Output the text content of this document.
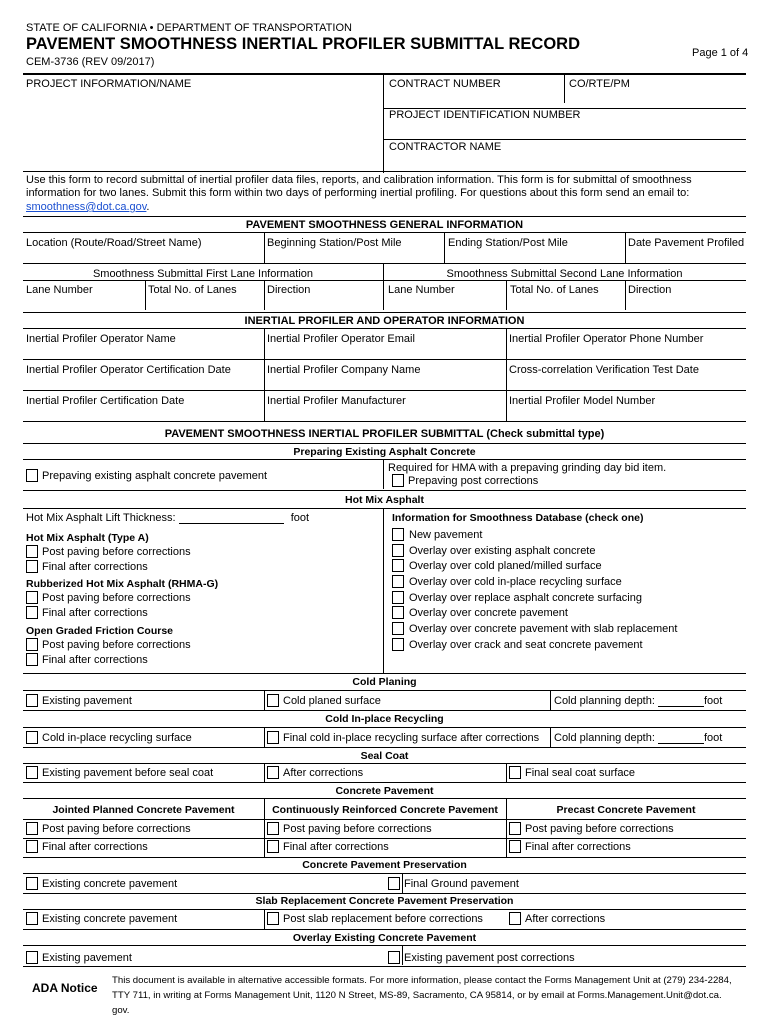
STATE OF CALIFORNIA • DEPARTMENT OF TRANSPORTATION
PAVEMENT SMOOTHNESS INERTIAL PROFILER SUBMITTAL RECORD	Page 1 of 4
CEM-3736 (REV 09/2017)
PROJECT INFORMATION/NAME	CONTRACT NUMBER	CO/RTE/PM
PROJECT IDENTIFICATION NUMBER
CONTRACTOR NAME
Use this form to record submittal of inertial profiler data files, reports, and calibration information. This form is for submittal of smoothness
information for two lanes. Submit this form within two days of performing inertial profiling. For questions about this form send an email to:
smoothness@dot.ca.gov.
PAVEMENT SMOOTHNESS GENERAL INFORMATION
Location (Route/Road/Street Name)	Beginning Station/Post Mile	Ending Station/Post Mile	Date Pavement Profiled
Smoothness Submittal First Lane Information	Smoothness Submittal Second Lane Information
Lane Number	Total No. of Lanes	Direction	Lane Number	Total No. of Lanes	Direction
INERTIAL PROFILER AND OPERATOR INFORMATION
Inertial Profiler Operator Name	Inertial Profiler Operator Email	Inertial Profiler Operator Phone Number
Inertial Profiler Operator Certification Date	Inertial Profiler Company Name	Cross-correlation Verification Test Date
Inertial Profiler Certification Date	Inertial Profiler Manufacturer	Inertial Profiler Model Number
PAVEMENT SMOOTHNESS INERTIAL PROFILER SUBMITTAL (Check submittal type)
Preparing Existing Asphalt Concrete
Prepaving existing asphalt concrete pavement
Required for HMA with a prepaving grinding day bid item.
Prepaving post corrections
Hot Mix Asphalt
Hot Mix Asphalt Lift Thickness:	foot
Hot Mix Asphalt (Type A)
Post paving before corrections
Final after corrections
Rubberized Hot Mix Asphalt (RHMA-G)
Post paving before corrections
Final after corrections
Open Graded Friction Course
Post paving before corrections
Final after corrections
Information for Smoothness Database (check one)
New pavement
Overlay over existing asphalt concrete
Overlay over cold planed/milled surface
Overlay over cold in-place recycling surface
Overlay over replace asphalt concrete surfacing
Overlay over concrete pavement
Overlay over concrete pavement with slab replacement
Overlay over crack and seat concrete pavement
Cold Planing
Existing pavement	Cold planed surface	Cold planning depth:	foot
Cold In-place Recycling
Cold in-place recycling surface	Final cold in-place recycling surface after corrections Cold planning depth:	foot
Seal Coat
Existing pavement before seal coat	After corrections	Final seal coat surface
Concrete Pavement
Jointed Planned Concrete Pavement	Continuously Reinforced Concrete Pavement	Precast Concrete Pavement
Post paving before corrections	Post paving before corrections	Post paving before corrections
Final after corrections	Final after corrections	Final after corrections
Concrete Pavement Preservation
Existing concrete pavement	Final Ground pavement
Slab Replacement Concrete Pavement Preservation
Existing concrete pavement	Post slab replacement before corrections	After corrections
Overlay Existing Concrete Pavement
Existing pavement	Existing pavement post corrections
ADA Notice
This document is available in alternative accessible formats. For more information, please contact the Forms Management Unit at (279) 234-2284,
TTY 711, in writing at Forms Management Unit, 1120 N Street, MS-89, Sacramento, CA 95814, or by email at Forms.Management.Unit@dot.ca.
gov.
